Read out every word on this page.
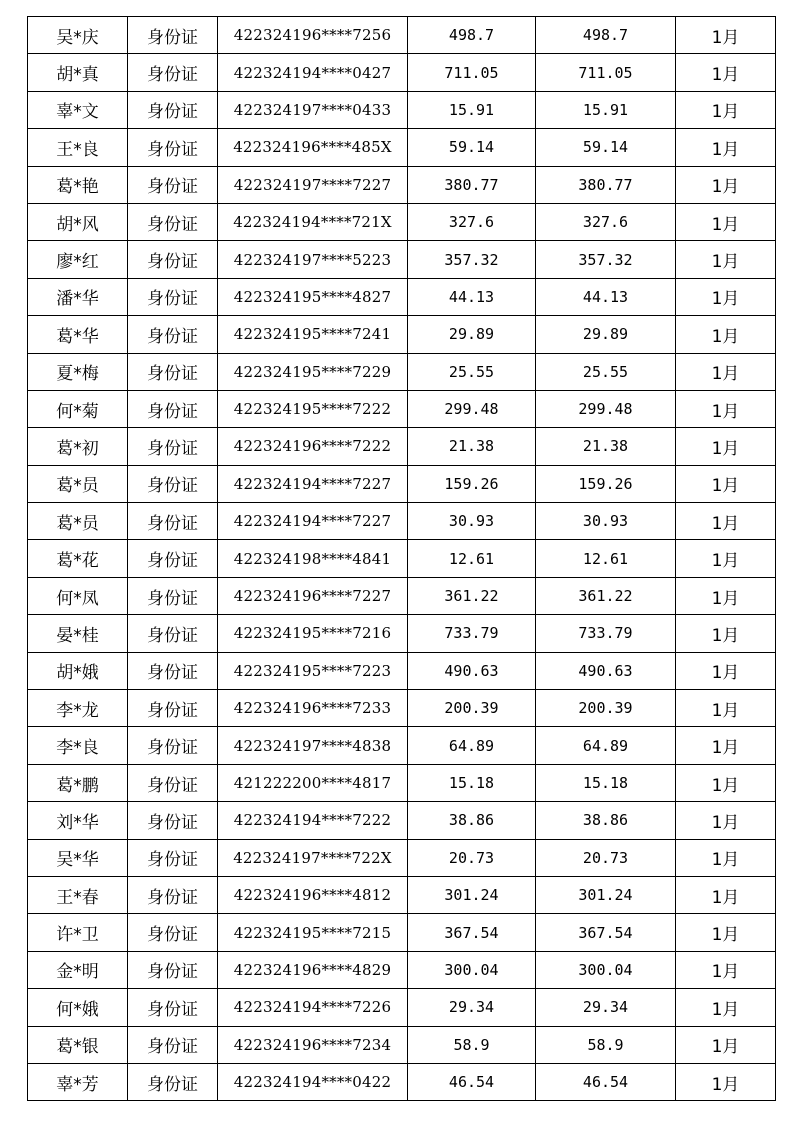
吴*庆	身份证	422324196****7256	498.7	498.7	1月
胡*真	身份证	422324194****0427	711.05	711.05	1月
辜*文	身份证	422324197****0433	15.91	15.91	1月
王*良	身份证	422324196****485X	59.14	59.14	1月
葛*艳	身份证	422324197****7227	380.77	380.77	1月
胡*风	身份证	422324194****721X	327.6	327.6	1月
廖*红	身份证	422324197****5223	357.32	357.32	1月
潘*华	身份证	422324195****4827	44.13	44.13	1月
葛*华	身份证	422324195****7241	29.89	29.89	1月
夏*梅	身份证	422324195****7229	25.55	25.55	1月
何*菊	身份证	422324195****7222	299.48	299.48	1月
葛*初	身份证	422324196****7222	21.38	21.38	1月
葛*员	身份证	422324194****7227	159.26	159.26	1月
葛*员	身份证	422324194****7227	30.93	30.93	1月
葛*花	身份证	422324198****4841	12.61	12.61	1月
何*凤	身份证	422324196****7227	361.22	361.22	1月
晏*桂	身份证	422324195****7216	733.79	733.79	1月
胡*娥	身份证	422324195****7223	490.63	490.63	1月
李*龙	身份证	422324196****7233	200.39	200.39	1月
李*良	身份证	422324197****4838	64.89	64.89	1月
葛*鹏	身份证	421222200****4817	15.18	15.18	1月
刘*华	身份证	422324194****7222	38.86	38.86	1月
吴*华	身份证	422324197****722X	20.73	20.73	1月
王*春	身份证	422324196****4812	301.24	301.24	1月
许*卫	身份证	422324195****7215	367.54	367.54	1月
金*明	身份证	422324196****4829	300.04	300.04	1月
何*娥	身份证	422324194****7226	29.34	29.34	1月
葛*银	身份证	422324196****7234	58.9	58.9	1月
辜*芳	身份证	422324194****0422	46.54	46.54	1月
